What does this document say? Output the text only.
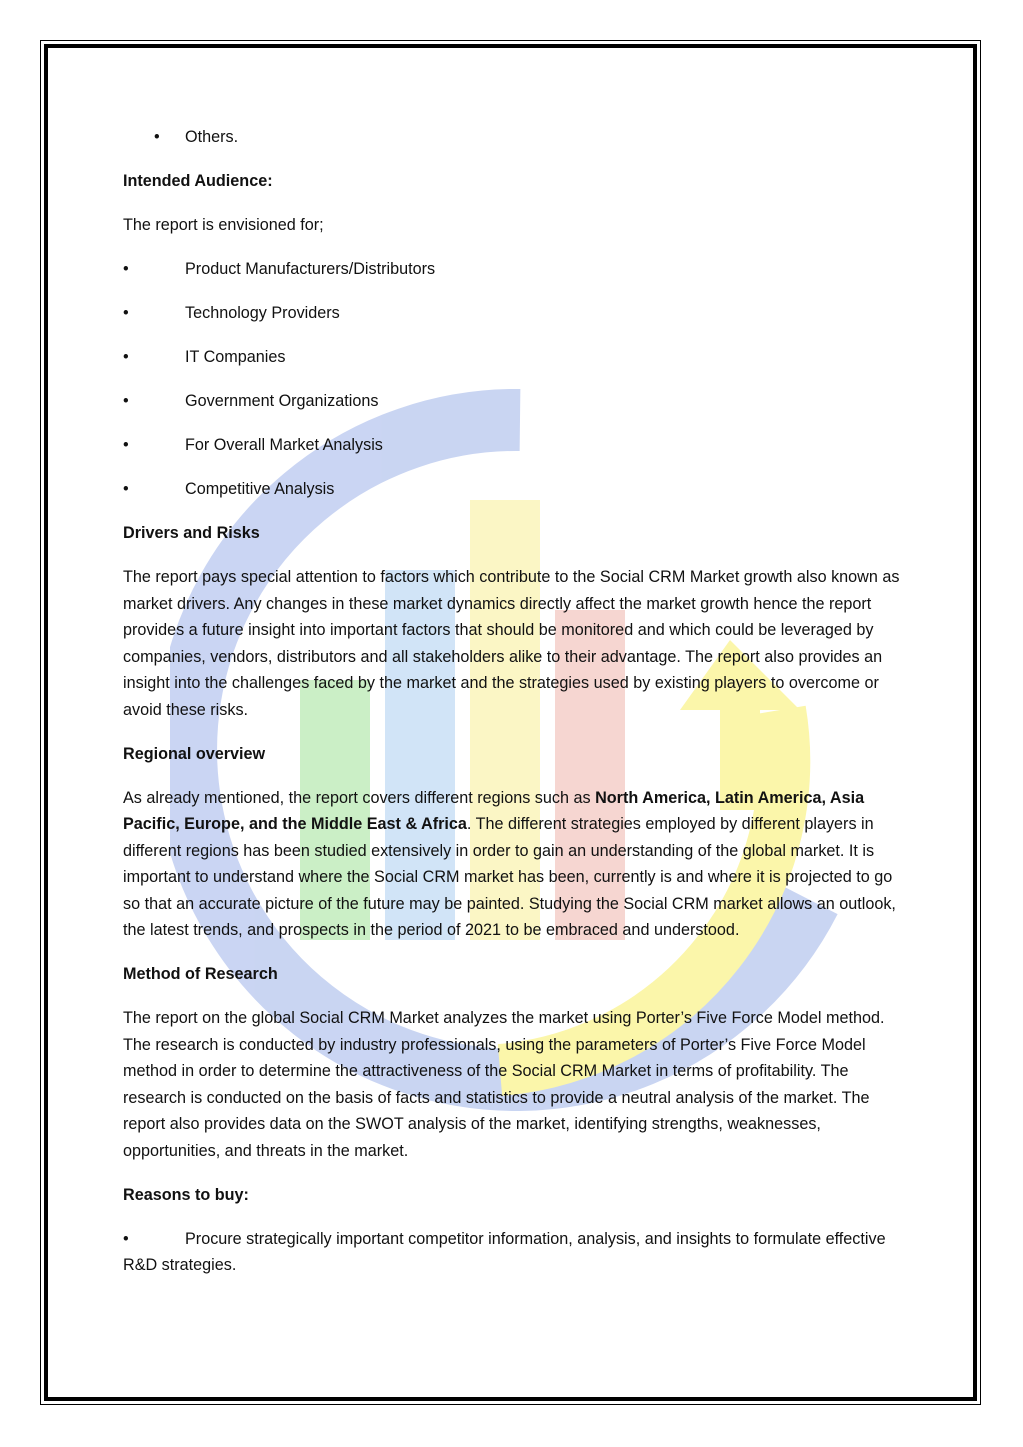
•	Others.

Intended Audience:

The report is envisioned for;

•	Product Manufacturers/Distributors
•	Technology Providers
•	IT Companies
•	Government Organizations
•	For Overall Market Analysis
•	Competitive Analysis

Drivers and Risks

The report pays special attention to factors which contribute to the Social CRM Market growth also known as market drivers. Any changes in these market dynamics directly affect the market growth hence the report provides a future insight into important factors that should be monitored and which could be leveraged by companies, vendors, distributors and all stakeholders alike to their advantage. The report also provides an insight into the challenges faced by the market and the strategies used by existing players to overcome or avoid these risks.

Regional overview

As already mentioned, the report covers different regions such as North America, Latin America, Asia Pacific, Europe, and the Middle East & Africa. The different strategies employed by different players in different regions has been studied extensively in order to gain an understanding of the global market. It is important to understand where the Social CRM market has been, currently is and where it is projected to go so that an accurate picture of the future may be painted. Studying the Social CRM market allows an outlook, the latest trends, and prospects in the period of 2021 to be embraced and understood.

Method of Research

The report on the global Social CRM Market analyzes the market using Porter’s Five Force Model method. The research is conducted by industry professionals, using the parameters of Porter’s Five Force Model method in order to determine the attractiveness of the Social CRM Market in terms of profitability. The research is conducted on the basis of facts and statistics to provide a neutral analysis of the market. The report also provides data on the SWOT analysis of the market, identifying strengths, weaknesses, opportunities, and threats in the market.

Reasons to buy:

•	Procure strategically important competitor information, analysis, and insights to formulate effective R&D strategies.
